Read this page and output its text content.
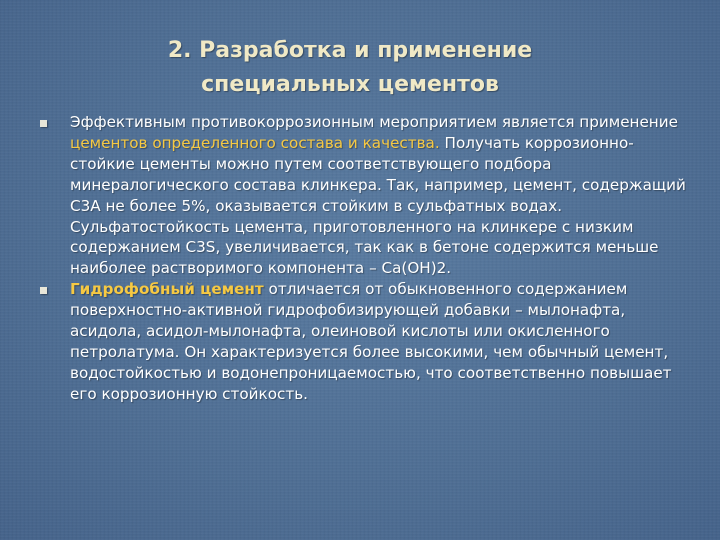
2. Разработка и применение
специальных цементов
Эффективным противокоррозионным мероприятием является применение цементов определенного состава и качества. Получать коррозионно-стойкие цементы можно путем соответствующего подбора минералогического состава клинкера. Так, например, цемент, содержащий С3А не более 5%, оказывается стойким в сульфатных водах. Сульфатостойкость цемента, приготовленного на клинкере с низким содержанием С3S, увеличивается, так как в бетоне содержится меньше наиболее растворимого компонента – Са(ОН)2.
Гидрофобный цемент отличается от обыкновенного содержанием поверхностно-активной гидрофобизирующей добавки – мылонафта, асидола, асидол-мылонафта, олеиновой кислоты или окисленного петролатума. Он характеризуется более высокими, чем обычный цемент, водостойкостью и водонепроницаемостью, что соответственно повышает его коррозионную стойкость.
